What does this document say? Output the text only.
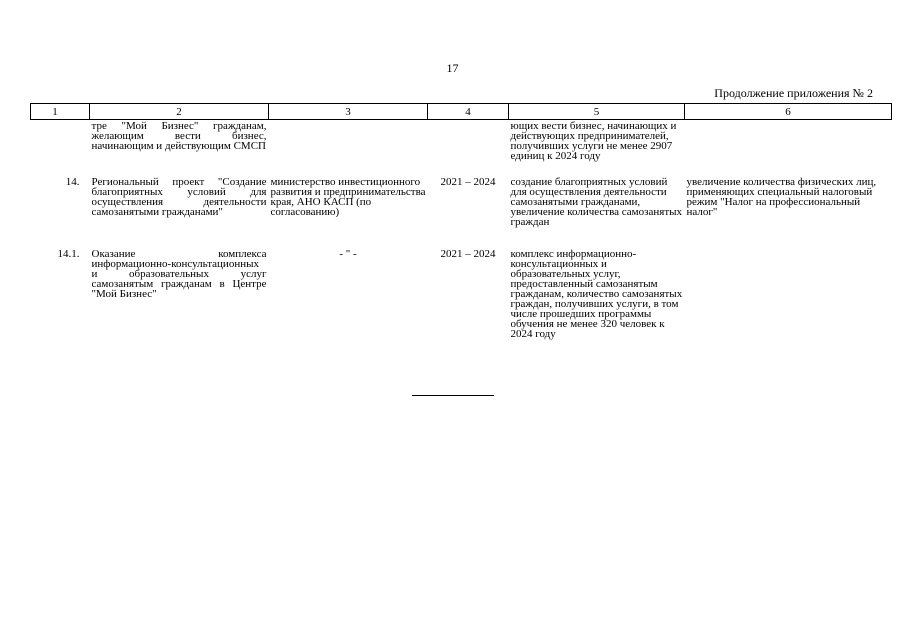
17
Продолжение приложения № 2
1	2	3	4	5	6
	тре "Мой Бизнес" гражданам, желающим вести бизнес, начинающим и действующим СМСП			ющих вести бизнес, начинающих и действующих предпринимателей, получивших услуги не менее 2907 единиц к 2024 году	
14.	Региональный проект "Создание благоприятных условий для осуществления деятельности самозанятыми гражданами"	министерство инвестиционного развития и предпринимательства края, АНО КАСП (по согласованию)	2021 – 2024	создание благоприятных условий для осуществления деятельности самозанятыми гражданами, увеличение количества самозанятых граждан	увеличение количества физических лиц, применяющих специальный налоговый режим "Налог на профессиональный налог"
14.1.	Оказание комплекса информационно-консультационных и образовательных услуг самозанятым гражданам в Центре "Мой Бизнес"	- " -	2021 – 2024	комплекс информационно-консультационных и образовательных услуг, предоставленный самозанятым гражданам, количество самозанятых граждан, получивших услуги, в том числе прошедших программы обучения не менее 320 человек к 2024 году	
